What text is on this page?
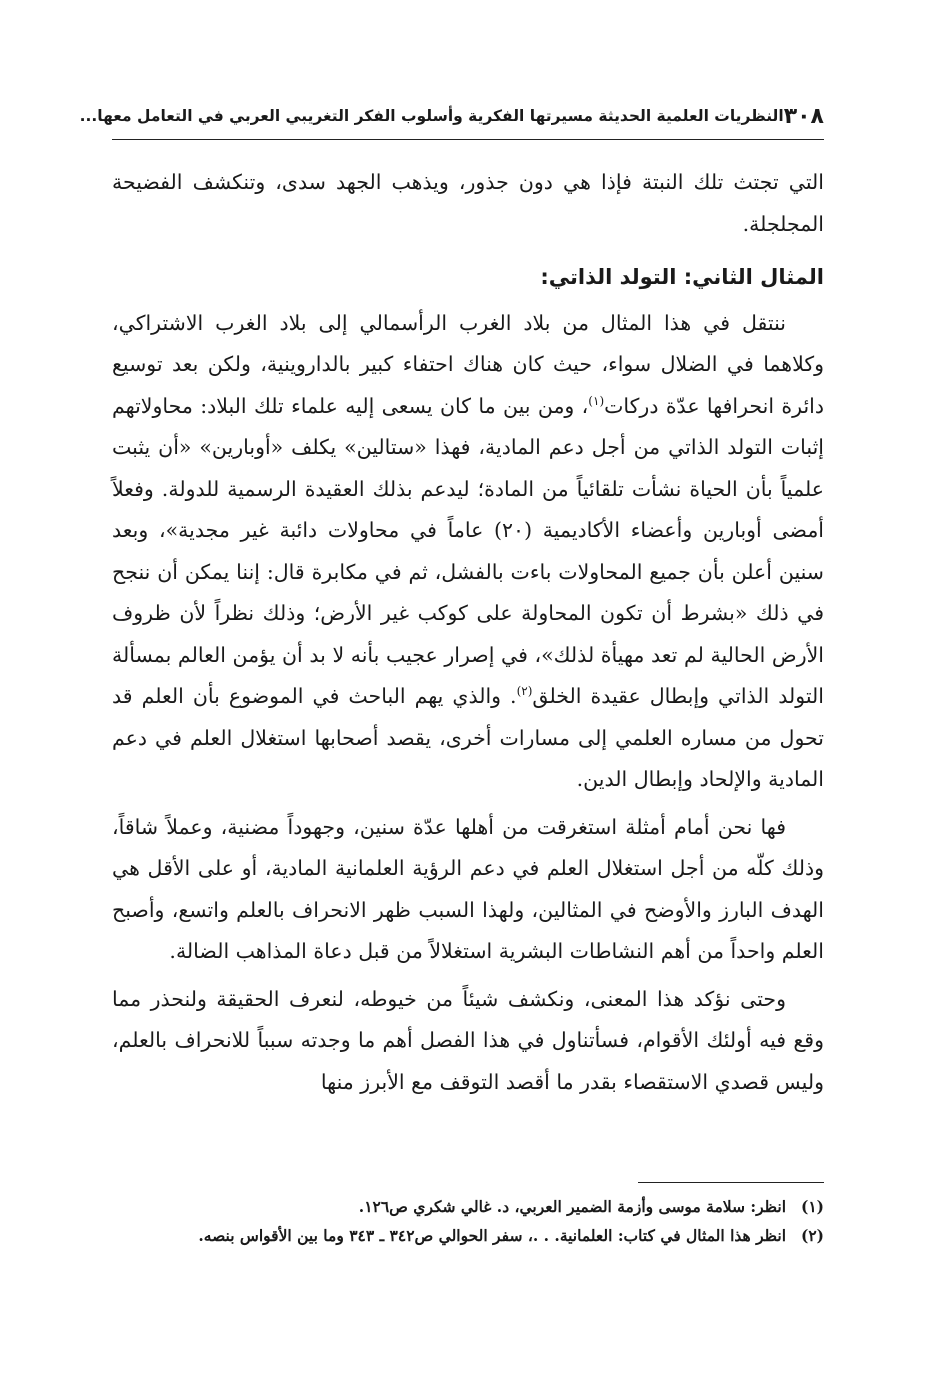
٣٠٨
النظريات العلمية الحديثة مسيرتها الفكرية وأسلوب الفكر التغريبي العربي في التعامل معها...

التي تجتث تلك النبتة فإذا هي دون جذور، ويذهب الجهد سدى، وتنكشف الفضيحة المجلجلة.

المثال الثاني: التولد الذاتي:

ننتقل في هذا المثال من بلاد الغرب الرأسمالي إلى بلاد الغرب الاشتراكي، وكلاهما في الضلال سواء، حيث كان هناك احتفاء كبير بالداروينية، ولكن بعد توسيع دائرة انحرافها عدّة دركات$^{(١)}$، ومن بين ما كان يسعى إليه علماء تلك البلاد: محاولاتهم إثبات التولد الذاتي من أجل دعم المادية، فهذا «ستالين» يكلف «أوبارين» «أن يثبت علمياً بأن الحياة نشأت تلقائياً من المادة؛ ليدعم بذلك العقيدة الرسمية للدولة. وفعلاً أمضى أوبارين وأعضاء الأكاديمية (٢٠) عاماً في محاولات دائبة غير مجدية»، وبعد سنين أعلن بأن جميع المحاولات باءت بالفشل، ثم في مكابرة قال: إننا يمكن أن ننجح في ذلك «بشرط أن تكون المحاولة على كوكب غير الأرض؛ وذلك نظراً لأن ظروف الأرض الحالية لم تعد مهيأة لذلك»، في إصرار عجيب بأنه لا بد أن يؤمن العالم بمسألة التولد الذاتي وإبطال عقيدة الخلق$^{(٢)}$. والذي يهم الباحث في الموضوع بأن العلم قد تحول من مساره العلمي إلى مسارات أخرى، يقصد أصحابها استغلال العلم في دعم المادية والإلحاد وإبطال الدين.

فها نحن أمام أمثلة استغرقت من أهلها عدّة سنين، وجهوداً مضنية، وعملاً شاقاً، وذلك كلّه من أجل استغلال العلم في دعم الرؤية العلمانية المادية، أو على الأقل هي الهدف البارز والأوضح في المثالين، ولهذا السبب ظهر الانحراف بالعلم واتسع، وأصبح العلم واحداً من أهم النشاطات البشرية استغلالاً من قبل دعاة المذاهب الضالة.

وحتى نؤكد هذا المعنى، ونكشف شيئاً من خيوطه، لنعرف الحقيقة ولنحذر مما وقع فيه أولئك الأقوام، فسأتناول في هذا الفصل أهم ما وجدته سبباً للانحراف بالعلم، وليس قصدي الاستقصاء بقدر ما أقصد التوقف مع الأبرز منها

(١)
انظر: سلامة موسى وأزمة الضمير العربي، د. غالي شكري ص١٢٦.
(٢)
انظر هذا المثال في كتاب: العلمانية. . .، سفر الحوالي ص٣٤٢ ـ ٣٤٣ وما بين الأقواس بنصه.
